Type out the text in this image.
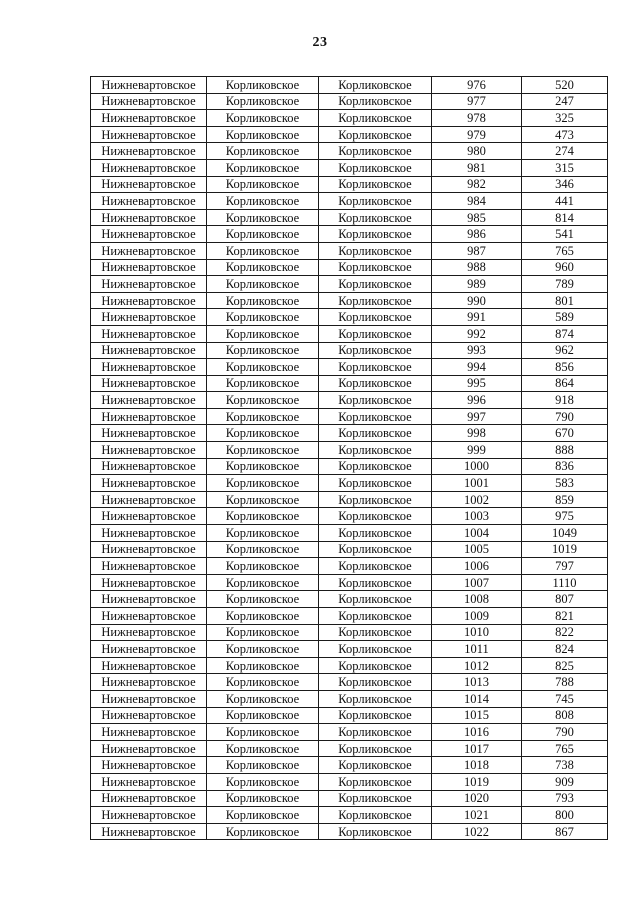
23
Нижневартовское	Корликовское	Корликовское	976	520
Нижневартовское	Корликовское	Корликовское	977	247
Нижневартовское	Корликовское	Корликовское	978	325
Нижневартовское	Корликовское	Корликовское	979	473
Нижневартовское	Корликовское	Корликовское	980	274
Нижневартовское	Корликовское	Корликовское	981	315
Нижневартовское	Корликовское	Корликовское	982	346
Нижневартовское	Корликовское	Корликовское	984	441
Нижневартовское	Корликовское	Корликовское	985	814
Нижневартовское	Корликовское	Корликовское	986	541
Нижневартовское	Корликовское	Корликовское	987	765
Нижневартовское	Корликовское	Корликовское	988	960
Нижневартовское	Корликовское	Корликовское	989	789
Нижневартовское	Корликовское	Корликовское	990	801
Нижневартовское	Корликовское	Корликовское	991	589
Нижневартовское	Корликовское	Корликовское	992	874
Нижневартовское	Корликовское	Корликовское	993	962
Нижневартовское	Корликовское	Корликовское	994	856
Нижневартовское	Корликовское	Корликовское	995	864
Нижневартовское	Корликовское	Корликовское	996	918
Нижневартовское	Корликовское	Корликовское	997	790
Нижневартовское	Корликовское	Корликовское	998	670
Нижневартовское	Корликовское	Корликовское	999	888
Нижневартовское	Корликовское	Корликовское	1000	836
Нижневартовское	Корликовское	Корликовское	1001	583
Нижневартовское	Корликовское	Корликовское	1002	859
Нижневартовское	Корликовское	Корликовское	1003	975
Нижневартовское	Корликовское	Корликовское	1004	1049
Нижневартовское	Корликовское	Корликовское	1005	1019
Нижневартовское	Корликовское	Корликовское	1006	797
Нижневартовское	Корликовское	Корликовское	1007	1110
Нижневартовское	Корликовское	Корликовское	1008	807
Нижневартовское	Корликовское	Корликовское	1009	821
Нижневартовское	Корликовское	Корликовское	1010	822
Нижневартовское	Корликовское	Корликовское	1011	824
Нижневартовское	Корликовское	Корликовское	1012	825
Нижневартовское	Корликовское	Корликовское	1013	788
Нижневартовское	Корликовское	Корликовское	1014	745
Нижневартовское	Корликовское	Корликовское	1015	808
Нижневартовское	Корликовское	Корликовское	1016	790
Нижневартовское	Корликовское	Корликовское	1017	765
Нижневартовское	Корликовское	Корликовское	1018	738
Нижневартовское	Корликовское	Корликовское	1019	909
Нижневартовское	Корликовское	Корликовское	1020	793
Нижневартовское	Корликовское	Корликовское	1021	800
Нижневартовское	Корликовское	Корликовское	1022	867
